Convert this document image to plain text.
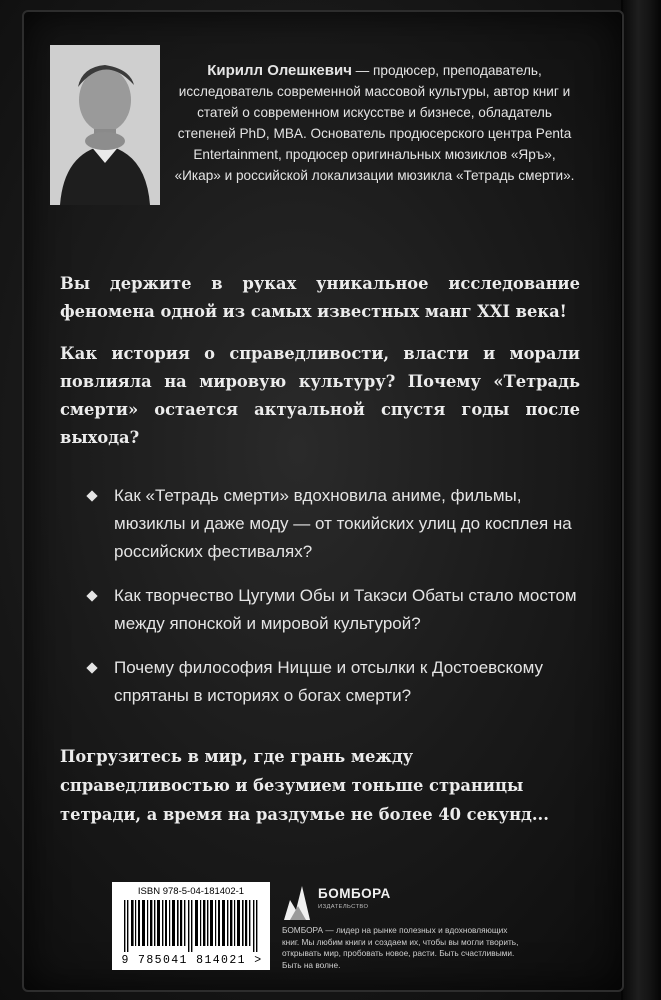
Кирилл Олешкевич — продюсер, преподаватель, исследователь современной массовой культуры, автор книг и статей о современном искусстве и бизнесе, обладатель степеней PhD, MBA. Основатель продюсерского центра Penta Entertainment, продюсер оригинальных мюзиклов «Яръ», «Икар» и российской локализации мюзикла «Тетрадь смерти».
Вы держите в руках уникальное исследование феномена одной из самых известных манг XXI века!
Как история о справедливости, власти и морали повлияла на мировую культуру? Почему «Тетрадь смерти» остается актуальной спустя годы после выхода?
Как «Тетрадь смерти» вдохновила аниме, фильмы, мюзиклы и даже моду — от токийских улиц до косплея на российских фестивалях?
Как творчество Цугуми Обы и Такэси Обаты стало мостом между японской и мировой культурой?
Почему философия Ницше и отсылки к Достоевскому спрятаны в историях о богах смерти?
Погрузитесь в мир, где грань между справедливостью и безумием тоньше страницы тетради, а время на раздумье не более 40 секунд...
ISBN 978-5-04-181402-1
9 785041 814021 >
БОМБОРА
ИЗДАТЕЛЬСТВО
БОМБОРА — лидер на рынке полезных и вдохновляющих книг. Мы любим книги и создаем их, чтобы вы могли творить, открывать мир, пробовать новое, расти. Быть счастливыми. Быть на волне.
